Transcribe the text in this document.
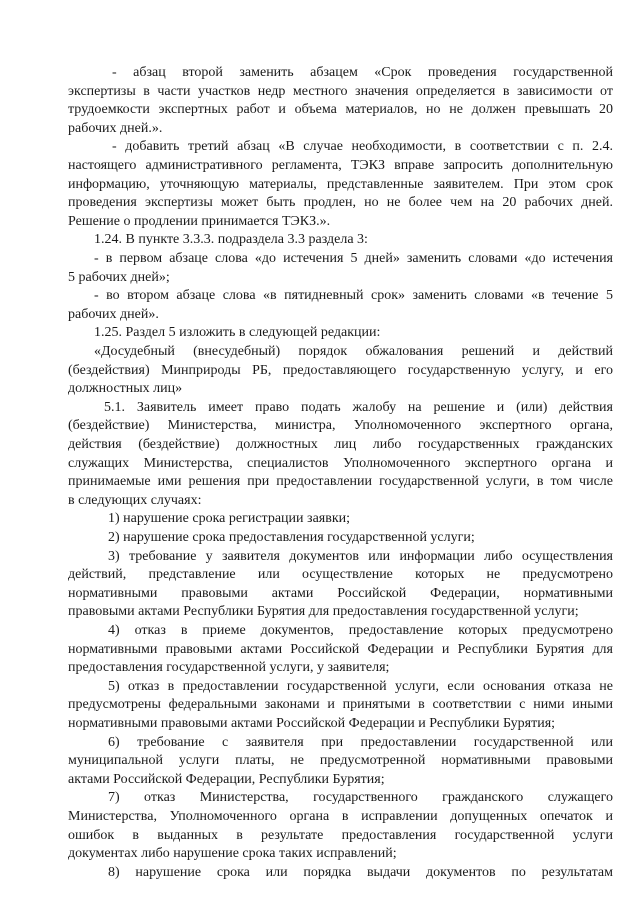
- абзац второй заменить абзацем «Срок проведения государственной
экспертизы в части участков недр местного значения определяется в зависимости от
трудоемкости экспертных работ и объема материалов, но не должен превышать 20
рабочих дней.».
- добавить третий абзац «В случае необходимости, в соответствии с п. 2.4.
настоящего административного регламента, ТЭКЗ вправе запросить дополнительную
информацию, уточняющую материалы, представленные заявителем. При этом срок
проведения экспертизы может быть продлен, но не более чем на 20 рабочих дней.
Решение о продлении принимается ТЭКЗ.».
1.24. В пункте 3.3.3. подраздела 3.3 раздела 3:
- в первом абзаце слова «до истечения 5 дней» заменить словами «до истечения
5 рабочих дней»;
- во втором абзаце слова «в пятидневный срок» заменить словами «в течение 5
рабочих дней».
1.25. Раздел 5 изложить в следующей редакции:
«Досудебный (внесудебный) порядок обжалования решений и действий
(бездействия) Минприроды РБ, предоставляющего государственную услугу, и его
должностных лиц»
5.1. Заявитель имеет право подать жалобу на решение и (или) действия
(бездействие) Министерства, министра, Уполномоченного экспертного органа,
действия (бездействие) должностных лиц либо государственных гражданских
служащих Министерства, специалистов Уполномоченного экспертного органа и
принимаемые ими решения при предоставлении государственной услуги, в том числе
в следующих случаях:
1) нарушение срока регистрации заявки;
2) нарушение срока предоставления государственной услуги;
3) требование у заявителя документов или информации либо осуществления
действий, представление или осуществление которых не предусмотрено
нормативными правовыми актами Российской Федерации, нормативными
правовыми актами Республики Бурятия для предоставления государственной услуги;
4) отказ в приеме документов, предоставление которых предусмотрено
нормативными правовыми актами Российской Федерации и Республики Бурятия для
предоставления государственной услуги, у заявителя;
5) отказ в предоставлении государственной услуги, если основания отказа не
предусмотрены федеральными законами и принятыми в соответствии с ними иными
нормативными правовыми актами Российской Федерации и Республики Бурятия;
6) требование с заявителя при предоставлении государственной или
муниципальной услуги платы, не предусмотренной нормативными правовыми
актами Российской Федерации, Республики Бурятия;
7) отказ Министерства, государственного гражданского служащего
Министерства, Уполномоченного органа в исправлении допущенных опечаток и
ошибок в выданных в результате предоставления государственной услуги
документах либо нарушение срока таких исправлений;
8) нарушение срока или порядка выдачи документов по результатам
